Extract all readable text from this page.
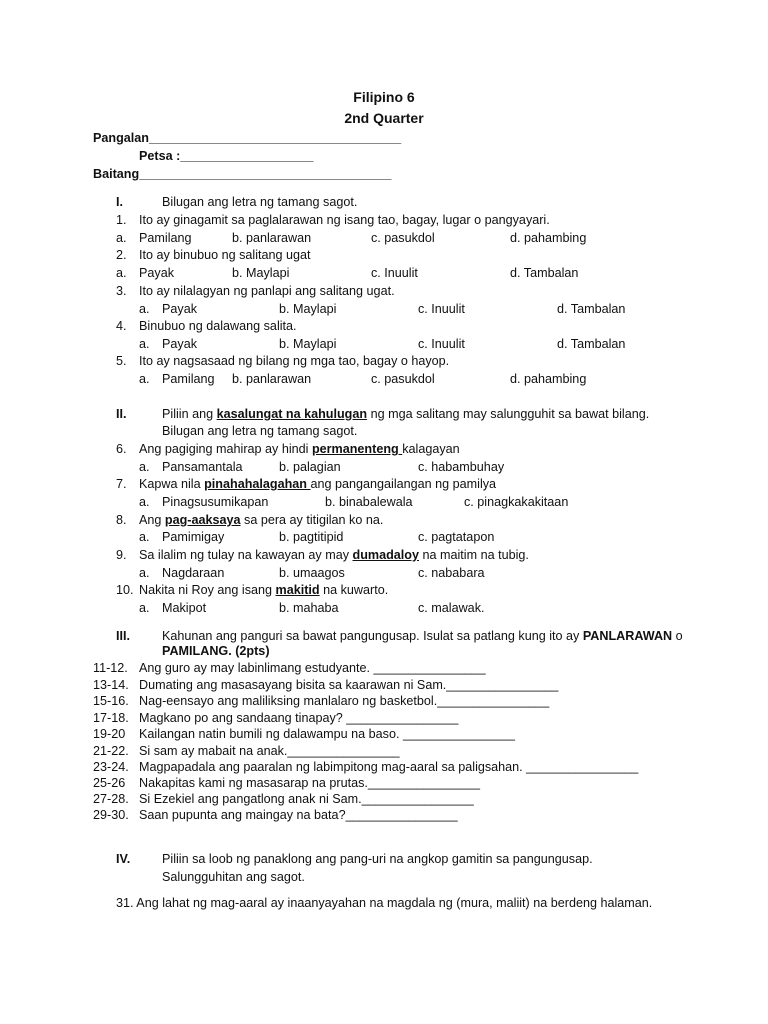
Filipino 6
2nd Quarter
Pangalan____________________________________
Petsa :___________________
Baitang____________________________________
I.	Bilugan ang letra ng tamang sagot.
1. Ito ay ginagamit sa paglalarawan ng isang tao, bagay, lugar o pangyayari.
a. Pamilang	b. panlarawan	c. pasukdol	d. pahambing
2. Ito ay binubuo ng salitang ugat
a. Payak	b. Maylapi	c. Inuulit	d. Tambalan
3. Ito ay nilalagyan ng panlapi ang salitang ugat.
a. Payak	b. Maylapi	c. Inuulit	d. Tambalan
4. Binubuo ng dalawang salita.
a. Payak	b. Maylapi	c. Inuulit	d. Tambalan
5. Ito ay nagsasaad ng bilang ng mga tao, bagay o hayop.
a. Pamilang b. panlarawan	c. pasukdol	d. pahambing
II.	Piliin ang kasalungat na kahulugan ng mga salitang may salungguhit sa bawat bilang.
Bilugan ang letra ng tamang sagot.
6. Ang pagiging mahirap ay hindi permanenteng kalagayan
a. Pansamantala	b. palagian	c. habambuhay
7. Kapwa nila pinahahalagahan ang pangangailangan ng pamilya
a. Pinagsusumikapan	b. binabalewala	c. pinagkakakitaan
8. Ang pag-aaksaya sa pera ay titigilan ko na.
a. Pamimigay	b. pagtitipid	c. pagtatapon
9. Sa ilalim ng tulay na kawayan ay may dumadaloy na maitim na tubig.
a. Nagdaraan	b. umaagos	c. nababara
10. Nakita ni Roy ang isang makitid na kuwarto.
a. Makipot	b. mahaba	c. malawak.
III.	Kahunan ang panguri sa bawat pangungusap. Isulat sa patlang kung ito ay PANLARAWAN o
PAMILANG. (2pts)
11-12. Ang guro ay may labinlimang estudyante. ________________
13-14. Dumating ang masasayang bisita sa kaarawan ni Sam.________________
15-16. Nag-eensayo ang maliliksing manlalaro ng basketbol.________________
17-18. Magkano po ang sandaang tinapay? ________________
19-20 Kailangan natin bumili ng dalawampu na baso. ________________
21-22. Si sam ay mabait na anak.________________
23-24. Magpapadala ang paaralan ng labimpitong mag-aaral sa paligsahan. ________________
25-26 Nakapitas kami ng masasarap na prutas.________________
27-28. Si Ezekiel ang pangatlong anak ni Sam.________________
29-30. Saan pupunta ang maingay na bata?________________
IV.	Piliin sa loob ng panaklong ang pang-uri na angkop gamitin sa pangungusap.
Salungguhitan ang sagot.
31. Ang lahat ng mag-aaral ay inaanyayahan na magdala ng (mura, maliit) na berdeng halaman.
